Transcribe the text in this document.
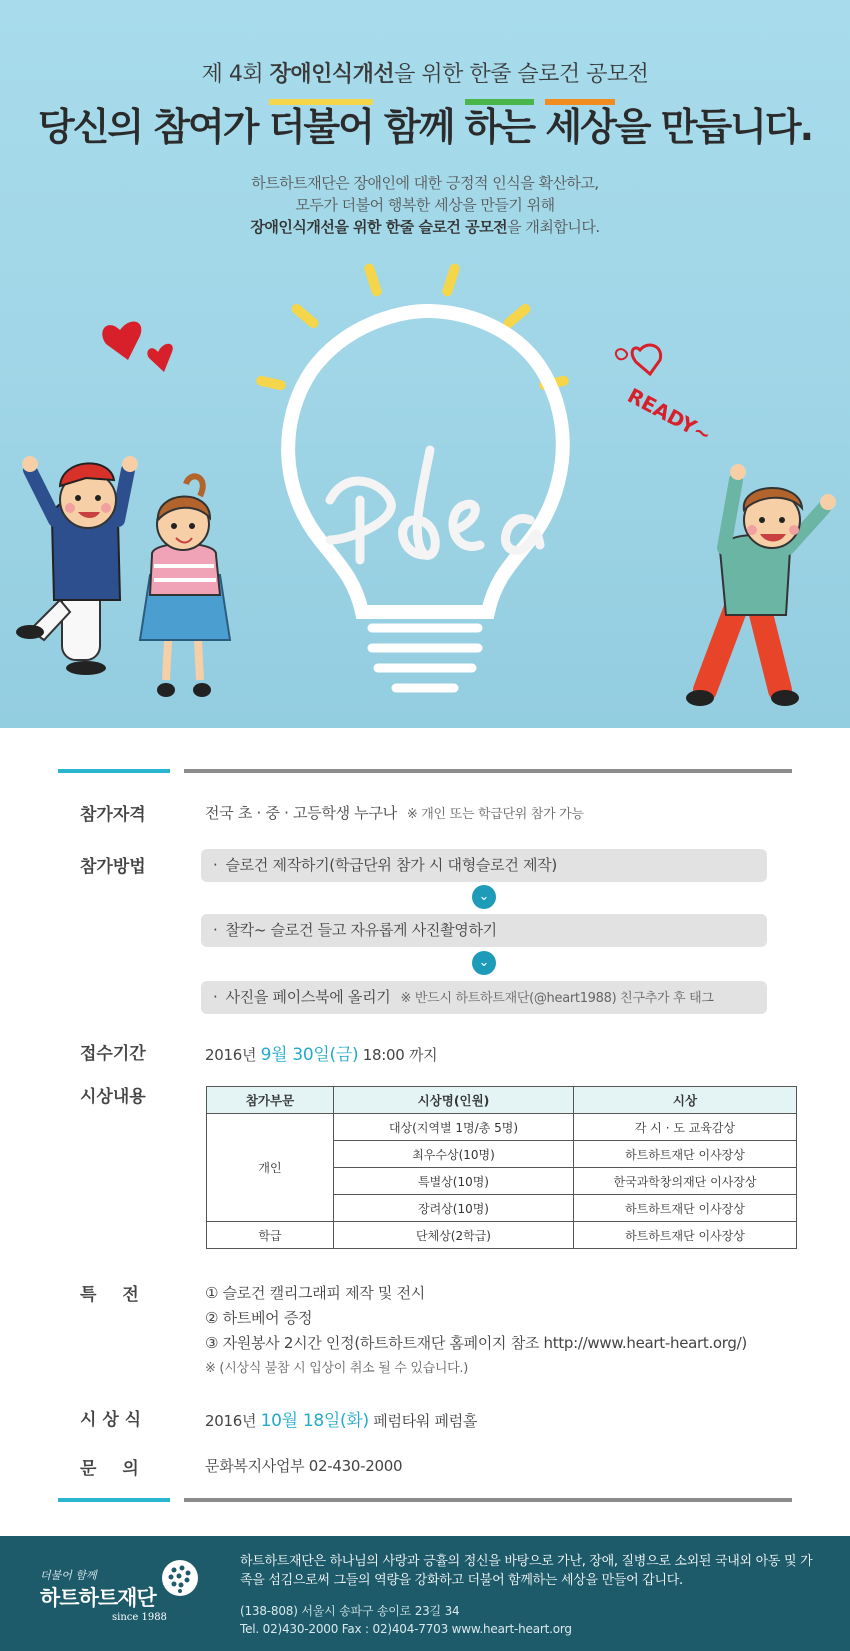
제 4회 장애인식개선을 위한 한줄 슬로건 공모전
당신의 참여가 더불어 함께 하는 세상을 만듭니다.
하트하트재단은 장애인에 대한 긍정적 인식을 확산하고,
모두가 더불어 행복한 세상을 만들기 위해
장애인식개선을 위한 한줄 슬로건 공모전을 개최합니다.
READY~
참가자격	전국 초 · 중 · 고등학생 누구나 ※ 개인 또는 학급단위 참가 가능
참가방법	· 슬로건 제작하기(학급단위 참가 시 대형슬로건 제작)
⌄
· 찰칵~ 슬로건 들고 자유롭게 사진촬영하기
⌄
· 사진을 페이스북에 올리기 ※ 반드시 하트하트재단(@heart1988) 친구추가 후 태그
접수기간	2016년 9월 30일(금) 18:00 까지
시상내용	참가부문	시상명(인원)	시상
개인	대상(지역별 1명/총 5명)	각 시 · 도 교육감상
	최우수상(10명)	하트하트재단 이사장상
	특별상(10명)	한국과학창의재단 이사장상
	장려상(10명)	하트하트재단 이사장상
학급	단체상(2학급)	하트하트재단 이사장상
특 전	① 슬로건 캘리그래피 제작 및 전시
② 하트베어 증정
③ 자원봉사 2시간 인정(하트하트재단 홈페이지 참조 http://www.heart-heart.org/)
※ (시상식 불참 시 입상이 취소 될 수 있습니다.)
시 상 식	2016년 10월 18일(화) 페럼타워 페럼홀
문 의	문화복지사업부 02-430-2000
더불어 함께
하트하트재단
since 1988
하트하트재단은 하나님의 사랑과 긍휼의 정신을 바탕으로 가난, 장애, 질병으로 소외된 국내외 아동 및 가족을 섬김으로써 그들의 역량을 강화하고 더불어 함께하는 세상을 만들어 갑니다.
(138-808) 서울시 송파구 송이로 23길 34
Tel. 02)430-2000 Fax : 02)404-7703 www.heart-heart.org
